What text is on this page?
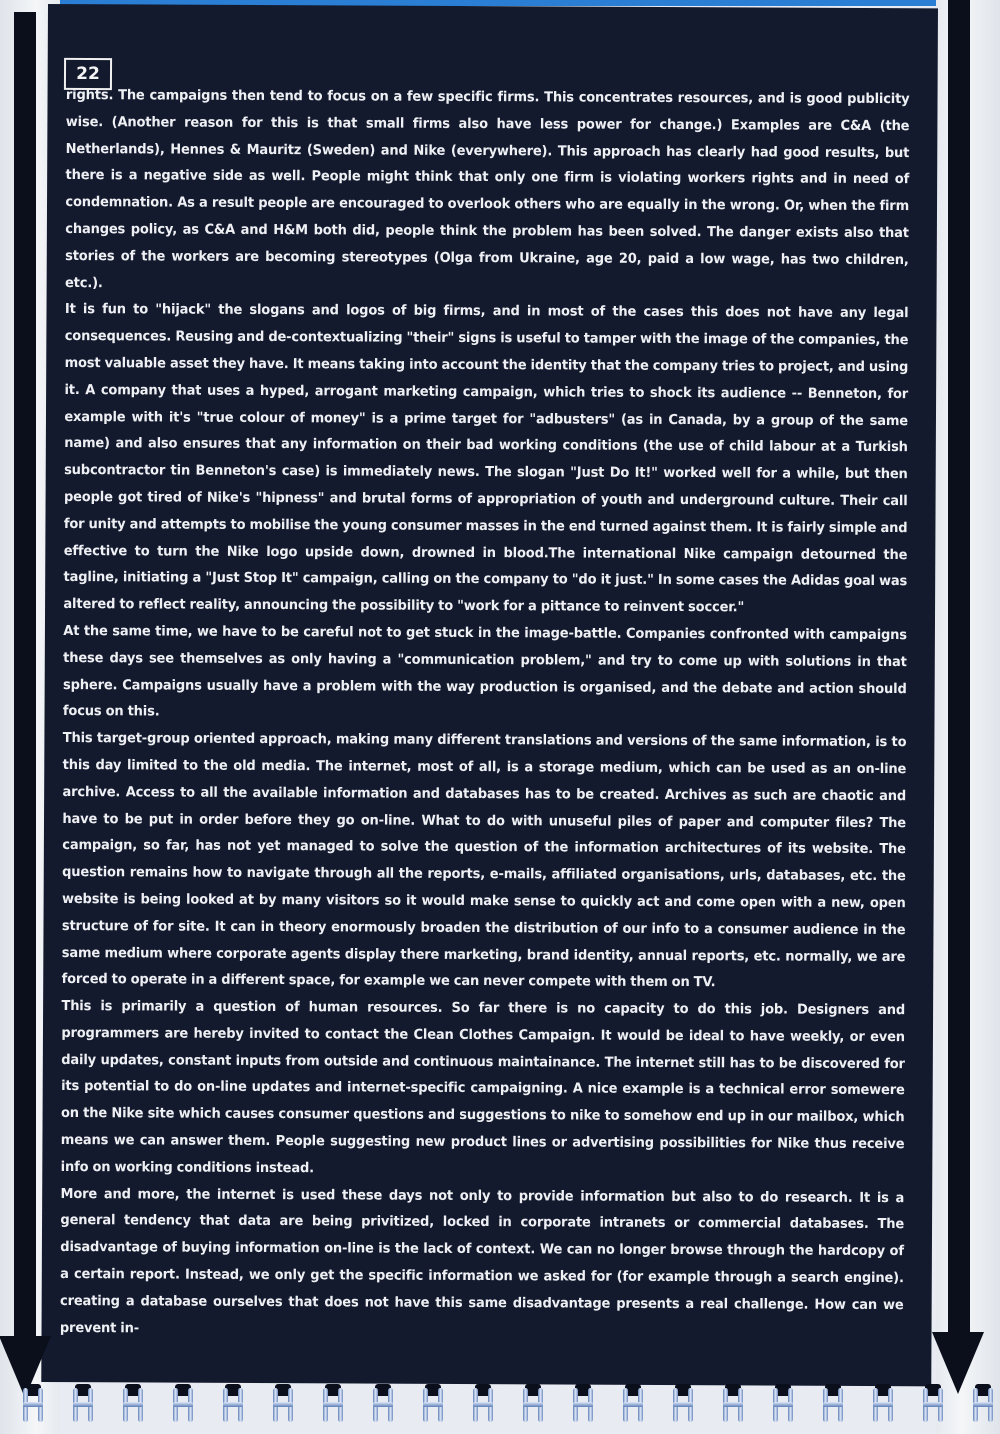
22

rights. The campaigns then tend to focus on a few specific firms. This concentrates resources, and is good publicity wise. (Another reason for this is that small firms also have less power for change.) Examples are C&A (the Netherlands), Hennes & Mauritz (Sweden) and Nike (everywhere). This approach has clearly had good results, but there is a negative side as well. People might think that only one firm is violating workers rights and in need of condemnation. As a result people are encouraged to overlook others who are equally in the wrong. Or, when the firm changes policy, as C&A and H&M both did, people think the problem has been solved. The danger exists also that stories of the workers are becoming stereotypes (Olga from Ukraine, age 20, paid a low wage, has two children, etc.).

It is fun to "hijack" the slogans and logos of big firms, and in most of the cases this does not have any legal consequences. Reusing and de-contextualizing "their" signs is useful to tamper with the image of the companies, the most valuable asset they have. It means taking into account the identity that the company tries to project, and using it. A company that uses a hyped, arrogant marketing campaign, which tries to shock its audience -- Benneton, for example with it's "true colour of money" is a prime target for "adbusters" (as in Canada, by a group of the same name) and also ensures that any information on their bad working conditions (the use of child labour at a Turkish subcontractor tin Benneton's case) is immediately news. The slogan "Just Do It!" worked well for a while, but then people got tired of Nike's "hipness" and brutal forms of appropriation of youth and underground culture. Their call for unity and attempts to mobilise the young consumer masses in the end turned against them. It is fairly simple and effective to turn the Nike logo upside down, drowned in blood.The international Nike campaign detourned the tagline, initiating a "Just Stop It" campaign, calling on the company to "do it just." In some cases the Adidas goal was altered to reflect reality, announcing the possibility to "work for a pittance to reinvent soccer."

At the same time, we have to be careful not to get stuck in the image-battle. Companies confronted with campaigns these days see themselves as only having a "communication problem," and try to come up with solutions in that sphere. Campaigns usually have a problem with the way production is organised, and the debate and action should focus on this.

This target-group oriented approach, making many different translations and versions of the same information, is to this day limited to the old media. The internet, most of all, is a storage medium, which can be used as an on-line archive. Access to all the available information and databases has to be created. Archives as such are chaotic and have to be put in order before they go on-line. What to do with unuseful piles of paper and computer files? The campaign, so far, has not yet managed to solve the question of the information architectures of its website. The question remains how to navigate through all the reports, e-mails, affiliated organisations, urls, databases, etc. the website is being looked at by many visitors so it would make sense to quickly act and come open with a new, open structure of for site. It can in theory enormously broaden the distribution of our info to a consumer audience in the same medium where corporate agents display there marketing, brand identity, annual reports, etc. normally, we are forced to operate in a different space, for example we can never compete with them on TV.

This is primarily a question of human resources. So far there is no capacity to do this job. Designers and programmers are hereby invited to contact the Clean Clothes Campaign. It would be ideal to have weekly, or even daily updates, constant inputs from outside and continuous maintainance. The internet still has to be discovered for its potential to do on-line updates and internet-specific campaigning. A nice example is a technical error somewere on the Nike site which causes consumer questions and suggestions to nike to somehow end up in our mailbox, which means we can answer them. People suggesting new product lines or advertising possibilities for Nike thus receive info on working conditions instead.

More and more, the internet is used these days not only to provide information but also to do research. It is a general tendency that data are being privitized, locked in corporate intranets or commercial databases. The disadvantage of buying information on-line is the lack of context. We can no longer browse through the hardcopy of a certain report. Instead, we only get the specific information we asked for (for example through a search engine). creating a database ourselves that does not have this same disadvantage presents a real challenge. How can we prevent in-
